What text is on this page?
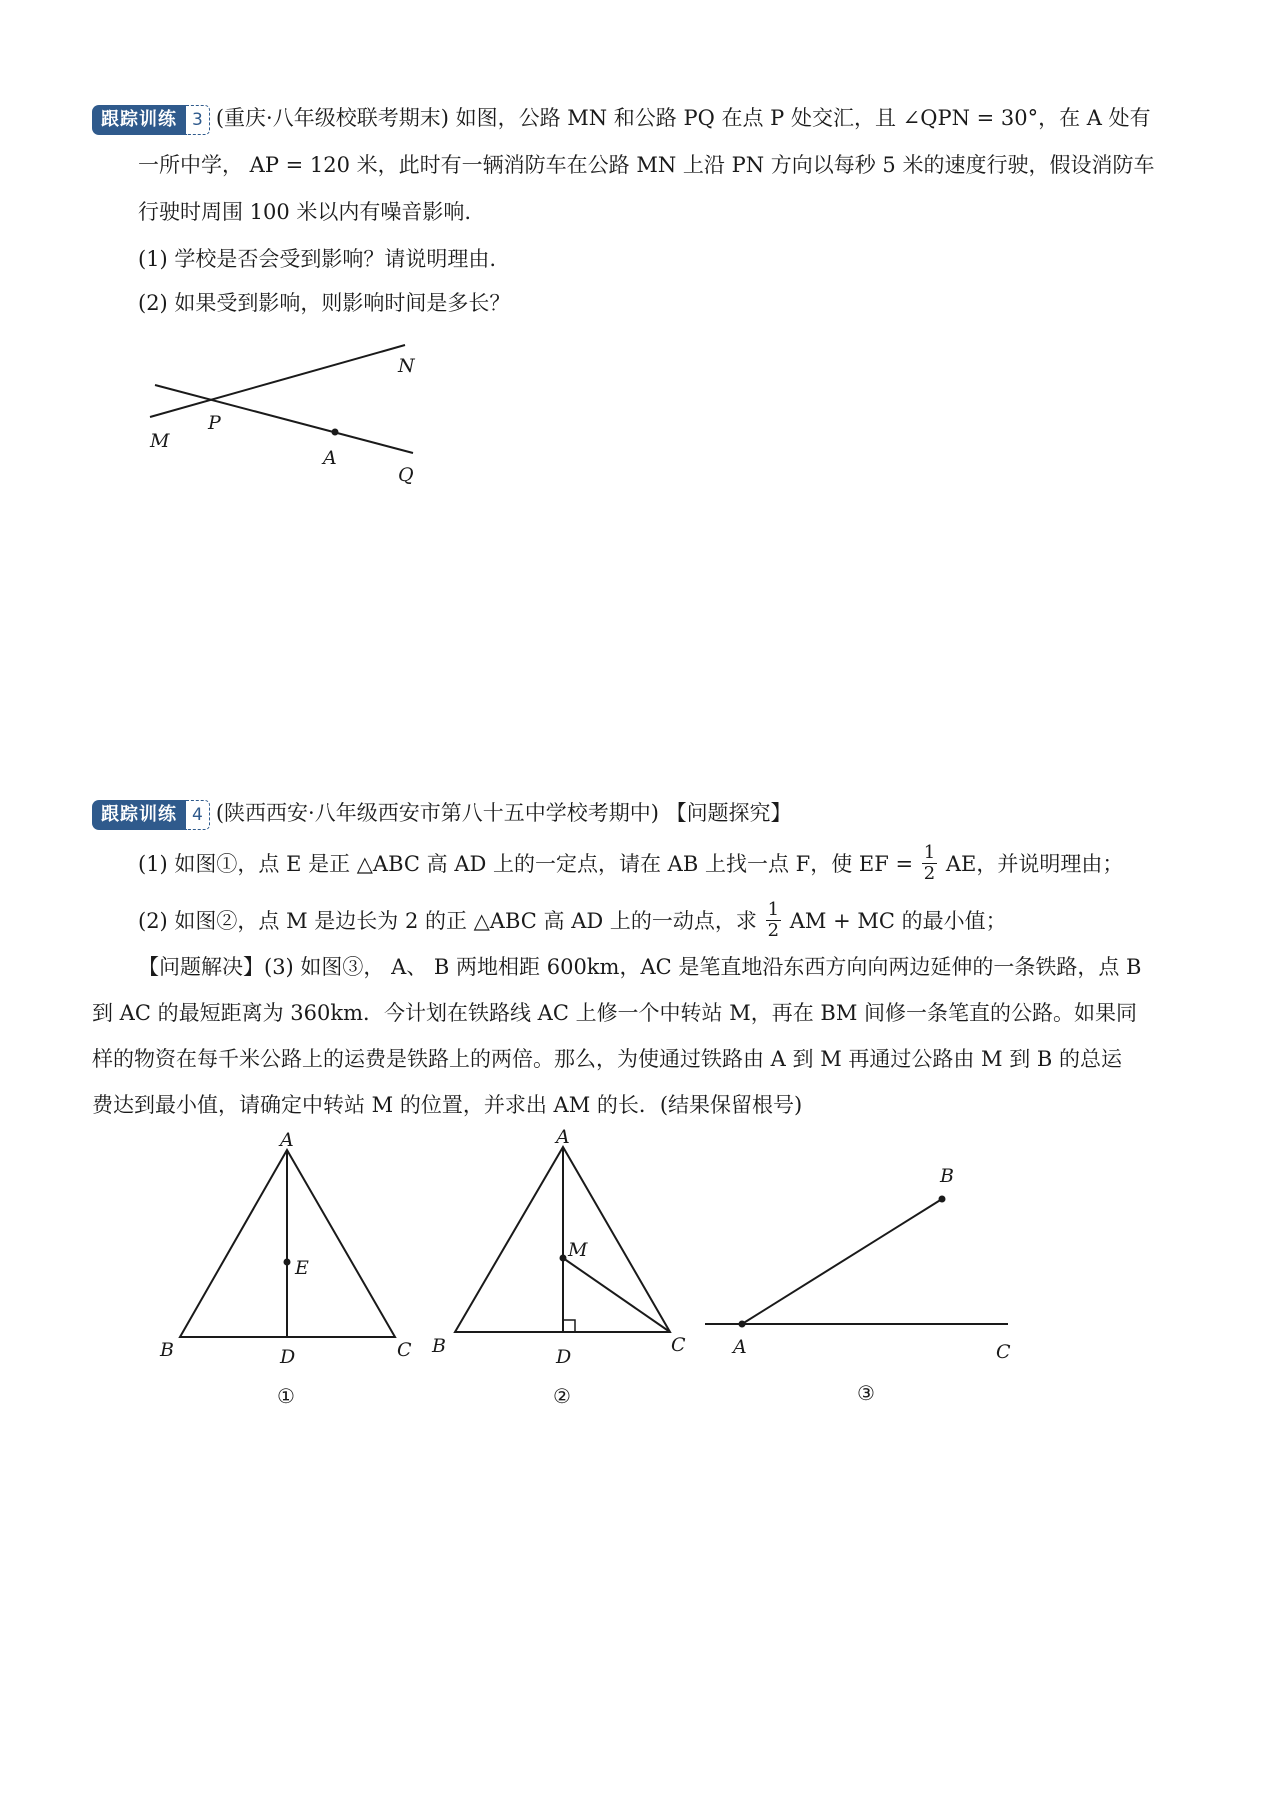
跟踪训练 3 (重庆·八年级校联考期末) 如图，公路 MN 和公路 PQ 在点 P 处交汇，且 ∠QPN = 30°，在 A 处有
一所中学， AP = 120 米，此时有一辆消防车在公路 MN 上沿 PN 方向以每秒 5 米的速度行驶，假设消防车
行驶时周围 100 米以内有噪音影响.
(1) 学校是否会受到影响？请说明理由.
(2) 如果受到影响，则影响时间是多长？
N
M
P
A
Q
跟踪训练 4 (陕西西安·八年级西安市第八十五中学校考期中) 【问题探究】
(1) 如图①，点 E 是正 △ABC 高 AD 上的一定点，请在 AB 上找一点 F，使 EF = $\frac{1}{2}$ AE，并说明理由；
(2) 如图②，点 M 是边长为 2 的正 △ABC 高 AD 上的一动点，求 $\frac{1}{2}$ AM + MC 的最小值；
【问题解决】(3) 如图③， A、 B 两地相距 600km，AC 是笔直地沿东西方向向两边延伸的一条铁路，点 B
到 AC 的最短距离为 360km．今计划在铁路线 AC 上修一个中转站 M，再在 BM 间修一条笔直的公路。如果同
样的物资在每千米公路上的运费是铁路上的两倍。那么，为使通过铁路由 A 到 M 再通过公路由 M 到 B 的总运
费达到最小值，请确定中转站 M 的位置，并求出 AM 的长．(结果保留根号)
A
E
B	D	C
①
A
M
B	D
C
②
B
A	C
③
